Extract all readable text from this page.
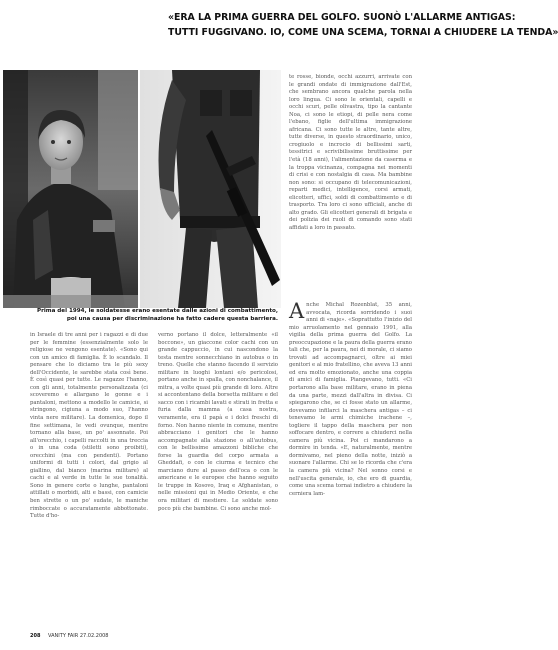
«ERA LA PRIMA GUERRA DEL GOLFO. SUONÒ L'ALLARME ANTIGAS:
TUTTI FUGGIVANO. IO, COME UNA SCEMA, TORNAI A CHIUDERE LA TENDA»
Prima del 1994, le soldatesse erano esentate dalle azioni di combattimento,
poi una causa per discriminazione ha fatto cadere questa barriera.

in Israele di tre anni per i ragazzi e di due per le femmine (essenzialmente solo le religiose ne vengono esentate). «Sono qui con un amico di famiglia. È lo scandalo. Il pensare che lo diciamo tra le più sexy dell'Occidente, le sarebbe stata così bene. È così quasi per tutte. Le ragazze l'hanno, con gli anni, totalmente personalizzata (ci scoveremo e allargano le gonne e i pantaloni, mettono a modello le camicie, si stringono, cigiuna a modo suo, l'hanno vinta nere militare). La domenica, dopo il fine settimana, le vedi ovunque, mentre tornano alla base, un po' assonnate. Poi all'orecchio, i capelli raccolti in una treccia o in una coda (stiletti sono proibiti), orecchini (ma con pendenti). Portano uniformi di tutti i colori, dal grigio al giallino, dal bianco (marina militare) al cachi e al verde in tutte le sue tonalità. Sono in genere corte o lunghe, pantaloni attillati o morbidi, alti e bassi, con camicie ben strette o un po' sudate, le maniche rimboccate o accuratamente abbottonate. Tutte d'ho-

verno portano il dolce, letteralmente «il boccone», un giaccone color cachi con un grande cappuccio, in cui nascondono la testa mentre sonnecchiano in autobus o in treno. Quelle che stanno facendo il servizio militare in luoghi lontani e/o pericolosi, portano anche in spalla, con nonchalance, il mitra, a volte quasi più grande di loro. Altre si accontentano della borsetta militare e del sacco con i ricambi lavati e stirati in fretta e furia dalla mamma (a casa nostra, veramente, era il papà e i dolci freschi di forno. Non hanno niente in comune, mentre abbracciano i genitori che le hanno accompagnate alla stazione o all'autobus, con le bellissime amazzoni bibliche che forse la guardia del corpo armata a Gheddafi, o con le ciurma e tecnico che marciano dure al passo dell'oca o con le americane e le europee che hanno seguito le truppe in Kosovo, Iraq e Afghanistan, o nelle missioni qui in Medio Oriente, e che ora militari di mestiere. Le soldate sono poco più che bambine. Ci sono anche mol-

te rosse, bionde, occhi azzurri, arrivate con le grandi ondate di immigrazione dall'Est, che sembrano ancora qualche parola nella loro lingua. Ci sono le orientali, capelli e occhi scuri, pelle olivastra, tipo la cantante Noa, ci sono le etiopi, di pelle nera come l'ebano, figlie dell'ultima immigrazione africana. Ci sono tutte le altre, tante altre, tutte diverse, in questo straordinario, unico, crogiuolo e incrocio di bellissimi sarti, tessitrici e scrivibilissime bruttissime per l'età (18 anni), l'alimentazione da caserma e la troppa vicinanza, compagna nei momenti di crisi e con nostalgia di casa. Ma bambine non sono: si occupano di telecomunicazioni, reparti medici, intelligence, corsi armati, elicotteri, uffici, soldi di combattimento e di trasporto. Tra loro ci sono ufficiali, anche di alto grado. Gli elicotteri generali di brigata e dei polizia dei ruoli di comando sono stati affidati a loro in passato.

Anche Michal Rozenblat, 35 anni, avvocata, ricorda sorridendo i suoi anni di «naje». «Soprattutto l'inizio del mio arruolamento nel gennaio 1991, alla vigilia della prima guerra del Golfo. La preoccupazione e la paura della guerra erano tali che, per la paura, nei di morale, ci siamo trovati ad accompagnarci, oltre ai miei genitori e al mio fratellino, che aveva 13 anni ed era molto emozionato, anche una coppia di amici di famiglia. Piangevano, tutti. «Ci portarono alla base militare, erano in piena da una parte, mezzi dall'altra in divisa. Ci spiegarono che, se ci fosse stato un allarme, dovevamo infilarci la maschera antigas – ci tenevamo le armi chimiche irachene –, togliere il tappo della maschera per non soffocare dentro, e correre a chiuderci nella camera più vicina. Poi ci mandarono a dormire in tenda. «E, naturalmente, mentre dormivamo, nel pieno della notte, iniziò a suonare l'allarme. Chi se lo ricorda che c'era la camera più vicina? Nel sonno corsi e nell'uscita generale, io, che ero di guardia, come una scema tornai indietro a chiudere la cerniera lam-

208 VANITY FAIR 27.02.2008
